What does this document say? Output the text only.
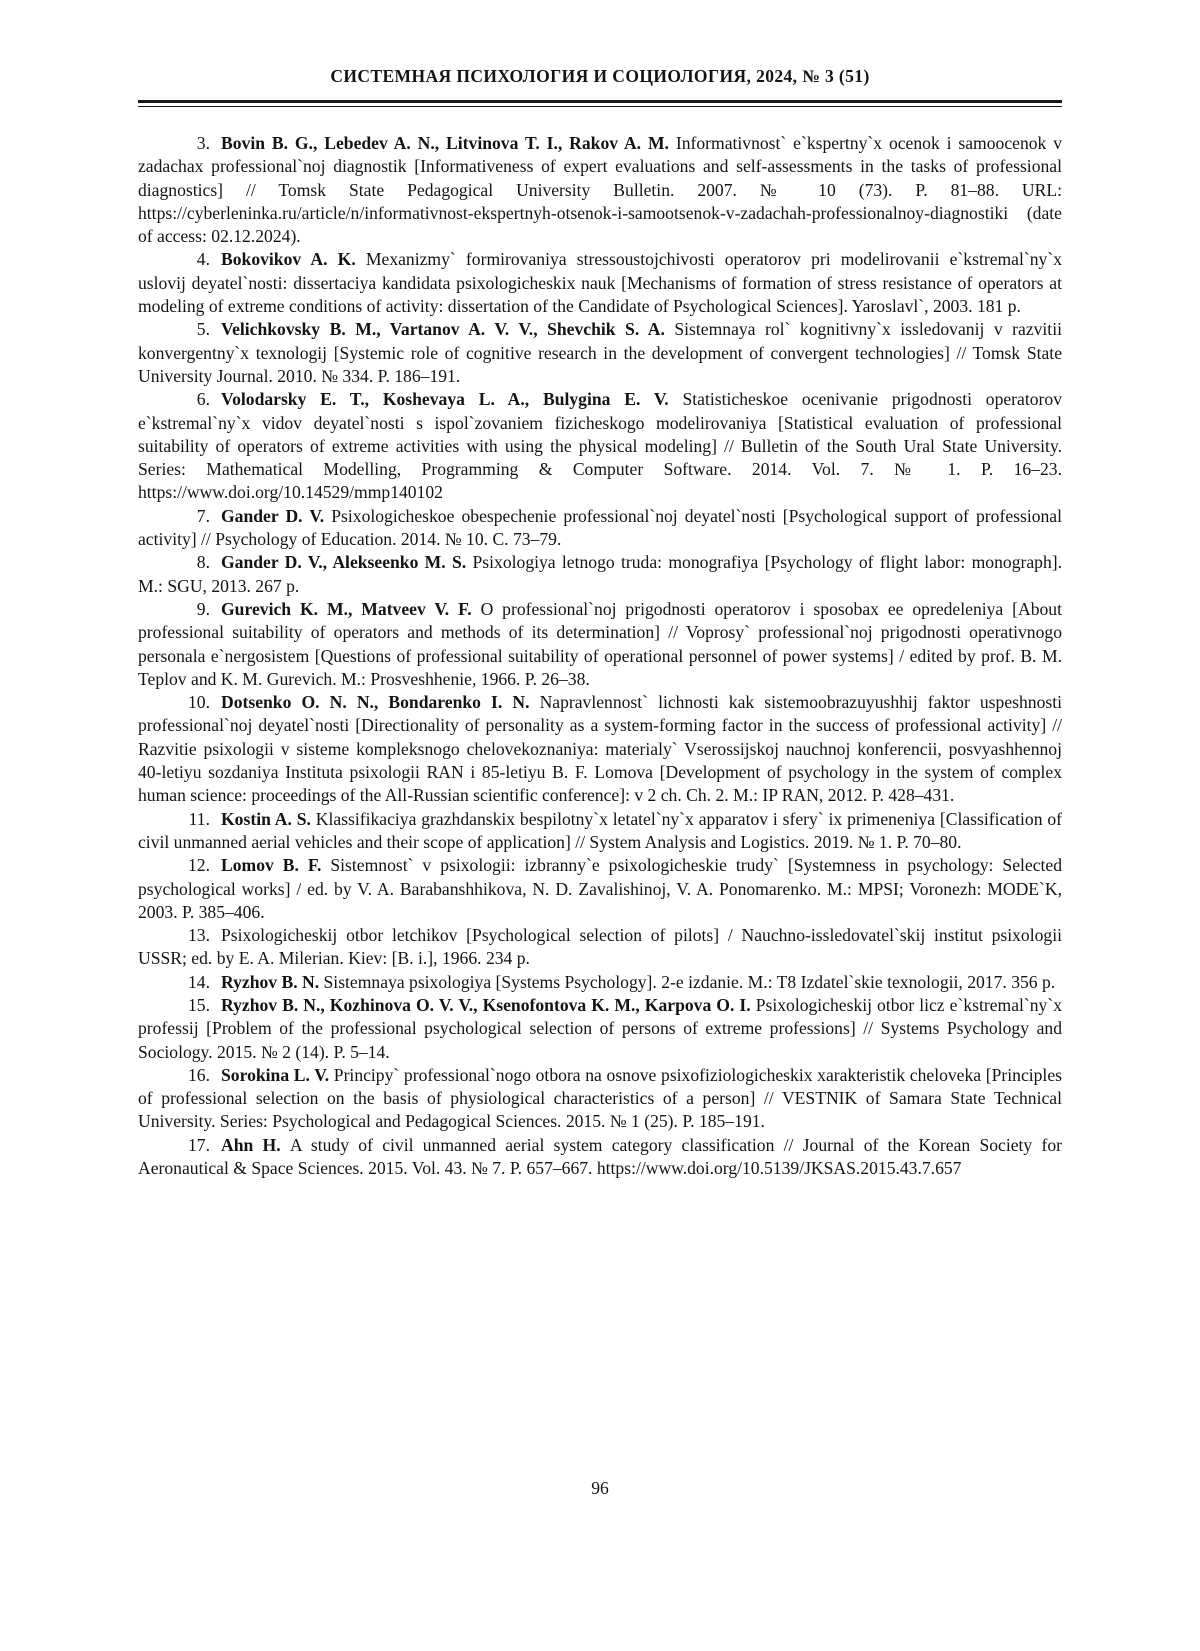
СИСТЕМНАЯ ПСИХОЛОГИЯ И СОЦИОЛОГИЯ, 2024, № 3 (51)

3. Bovin B. G., Lebedev A. N., Litvinova T. I., Rakov A. M. Informativnost` e`kspertny`x ocenok i samoocenok v zadachax professional`noj diagnostik [Informativeness of expert evaluations and self-assessments in the tasks of professional diagnostics] // Tomsk State Pedagogical University Bulletin. 2007. № 10 (73). P. 81–88. URL: https://cyberleninka.ru/article/n/informativnost-ekspertnyh-otsenok-i-samootsenok-v-zadachah-professionalnoy-diagnostiki (date of access: 02.12.2024).

4. Bokovikov A. K. Mexanizmy` formirovaniya stressoustojchivosti operatorov pri modelirovanii e`kstremal`ny`x uslovij deyatel`nosti: dissertaciya kandidata psixologicheskix nauk [Mechanisms of formation of stress resistance of operators at modeling of extreme conditions of activity: dissertation of the Candidate of Psychological Sciences]. Yaroslavl`, 2003. 181 p.

5. Velichkovsky B. M., Vartanov A. V. V., Shevchik S. A. Sistemnaya rol` kognitivny`x issledovanij v razvitii konvergentny`x texnologij [Systemic role of cognitive research in the development of convergent technologies] // Tomsk State University Journal. 2010. № 334. P. 186–191.

6. Volodarsky E. T., Koshevaya L. A., Bulygina E. V. Statisticheskoe ocenivanie prigodnosti operatorov e`kstremal`ny`x vidov deyatel`nosti s ispol`zovaniem fizicheskogo modelirovaniya [Statistical evaluation of professional suitability of operators of extreme activities with using the physical modeling] // Bulletin of the South Ural State University. Series: Mathematical Modelling, Programming & Computer Software. 2014. Vol. 7. № 1. P. 16–23. https://www.doi.org/10.14529/mmp140102

7. Gander D. V. Psixologicheskoe obespechenie professional`noj deyatel`nosti [Psychological support of professional activity] // Psychology of Education. 2014. № 10. C. 73–79.

8. Gander D. V., Alekseenko M. S. Psixologiya letnogo truda: monografiya [Psychology of flight labor: monograph]. M.: SGU, 2013. 267 p.

9. Gurevich K. M., Matveev V. F. O professional`noj prigodnosti operatorov i sposobax ee opredeleniya [About professional suitability of operators and methods of its determination] // Voprosy` professional`noj prigodnosti operativnogo personala e`nergosistem [Questions of professional suitability of operational personnel of power systems] / edited by prof. B. M. Teplov and K. M. Gurevich. M.: Prosveshhenie, 1966. P. 26–38.

10. Dotsenko O. N. N., Bondarenko I. N. Napravlennost` lichnosti kak sistemoobrazuyushhij faktor uspeshnosti professional`noj deyatel`nosti [Directionality of personality as a system-forming factor in the success of professional activity] // Razvitie psixologii v sisteme kompleksnogo chelovekoznaniya: materialy` Vserossijskoj nauchnoj konferencii, posvyashhennoj 40-letiyu sozdaniya Instituta psixologii RAN i 85-letiyu B. F. Lomova [Development of psychology in the system of complex human science: proceedings of the All-Russian scientific conference]: v 2 ch. Ch. 2. M.: IP RAN, 2012. P. 428–431.

11. Kostin A. S. Klassifikaciya grazhdanskix bespilotny`x letatel`ny`x apparatov i sfery` ix primeneniya [Classification of civil unmanned aerial vehicles and their scope of application] // System Analysis and Logistics. 2019. № 1. P. 70–80.

12. Lomov B. F. Sistemnost` v psixologii: izbranny`e psixologicheskie trudy` [Systemness in psychology: Selected psychological works] / ed. by V. A. Barabanshhikova, N. D. Zavalishinoj, V. A. Ponomarenko. M.: MPSI; Voronezh: MODE`K, 2003. P. 385–406.

13. Psixologicheskij otbor letchikov [Psychological selection of pilots] / Nauchno-issledovatel`skij institut psixologii USSR; ed. by E. A. Milerian. Kiev: [B. i.], 1966. 234 p.

14. Ryzhov B. N. Sistemnaya psixologiya [Systems Psychology]. 2-e izdanie. M.: T8 Izdatel`skie texnologii, 2017. 356 p.

15. Ryzhov B. N., Kozhinova O. V. V., Ksenofontova K. M., Karpova O. I. Psixologicheskij otbor licz e`kstremal`ny`x professij [Problem of the professional psychological selection of persons of extreme professions] // Systems Psychology and Sociology. 2015. № 2 (14). P. 5–14.

16. Sorokina L. V. Principy` professional`nogo otbora na osnove psixofiziologicheskix xarakteristik cheloveka [Principles of professional selection on the basis of physiological characteristics of a person] // VESTNIK of Samara State Technical University. Series: Psychological and Pedagogical Sciences. 2015. № 1 (25). P. 185–191.

17. Ahn H. A study of civil unmanned aerial system category classification // Journal of the Korean Society for Aeronautical & Space Sciences. 2015. Vol. 43. № 7. P. 657–667. https://www.doi.org/10.5139/JKSAS.2015.43.7.657

96
